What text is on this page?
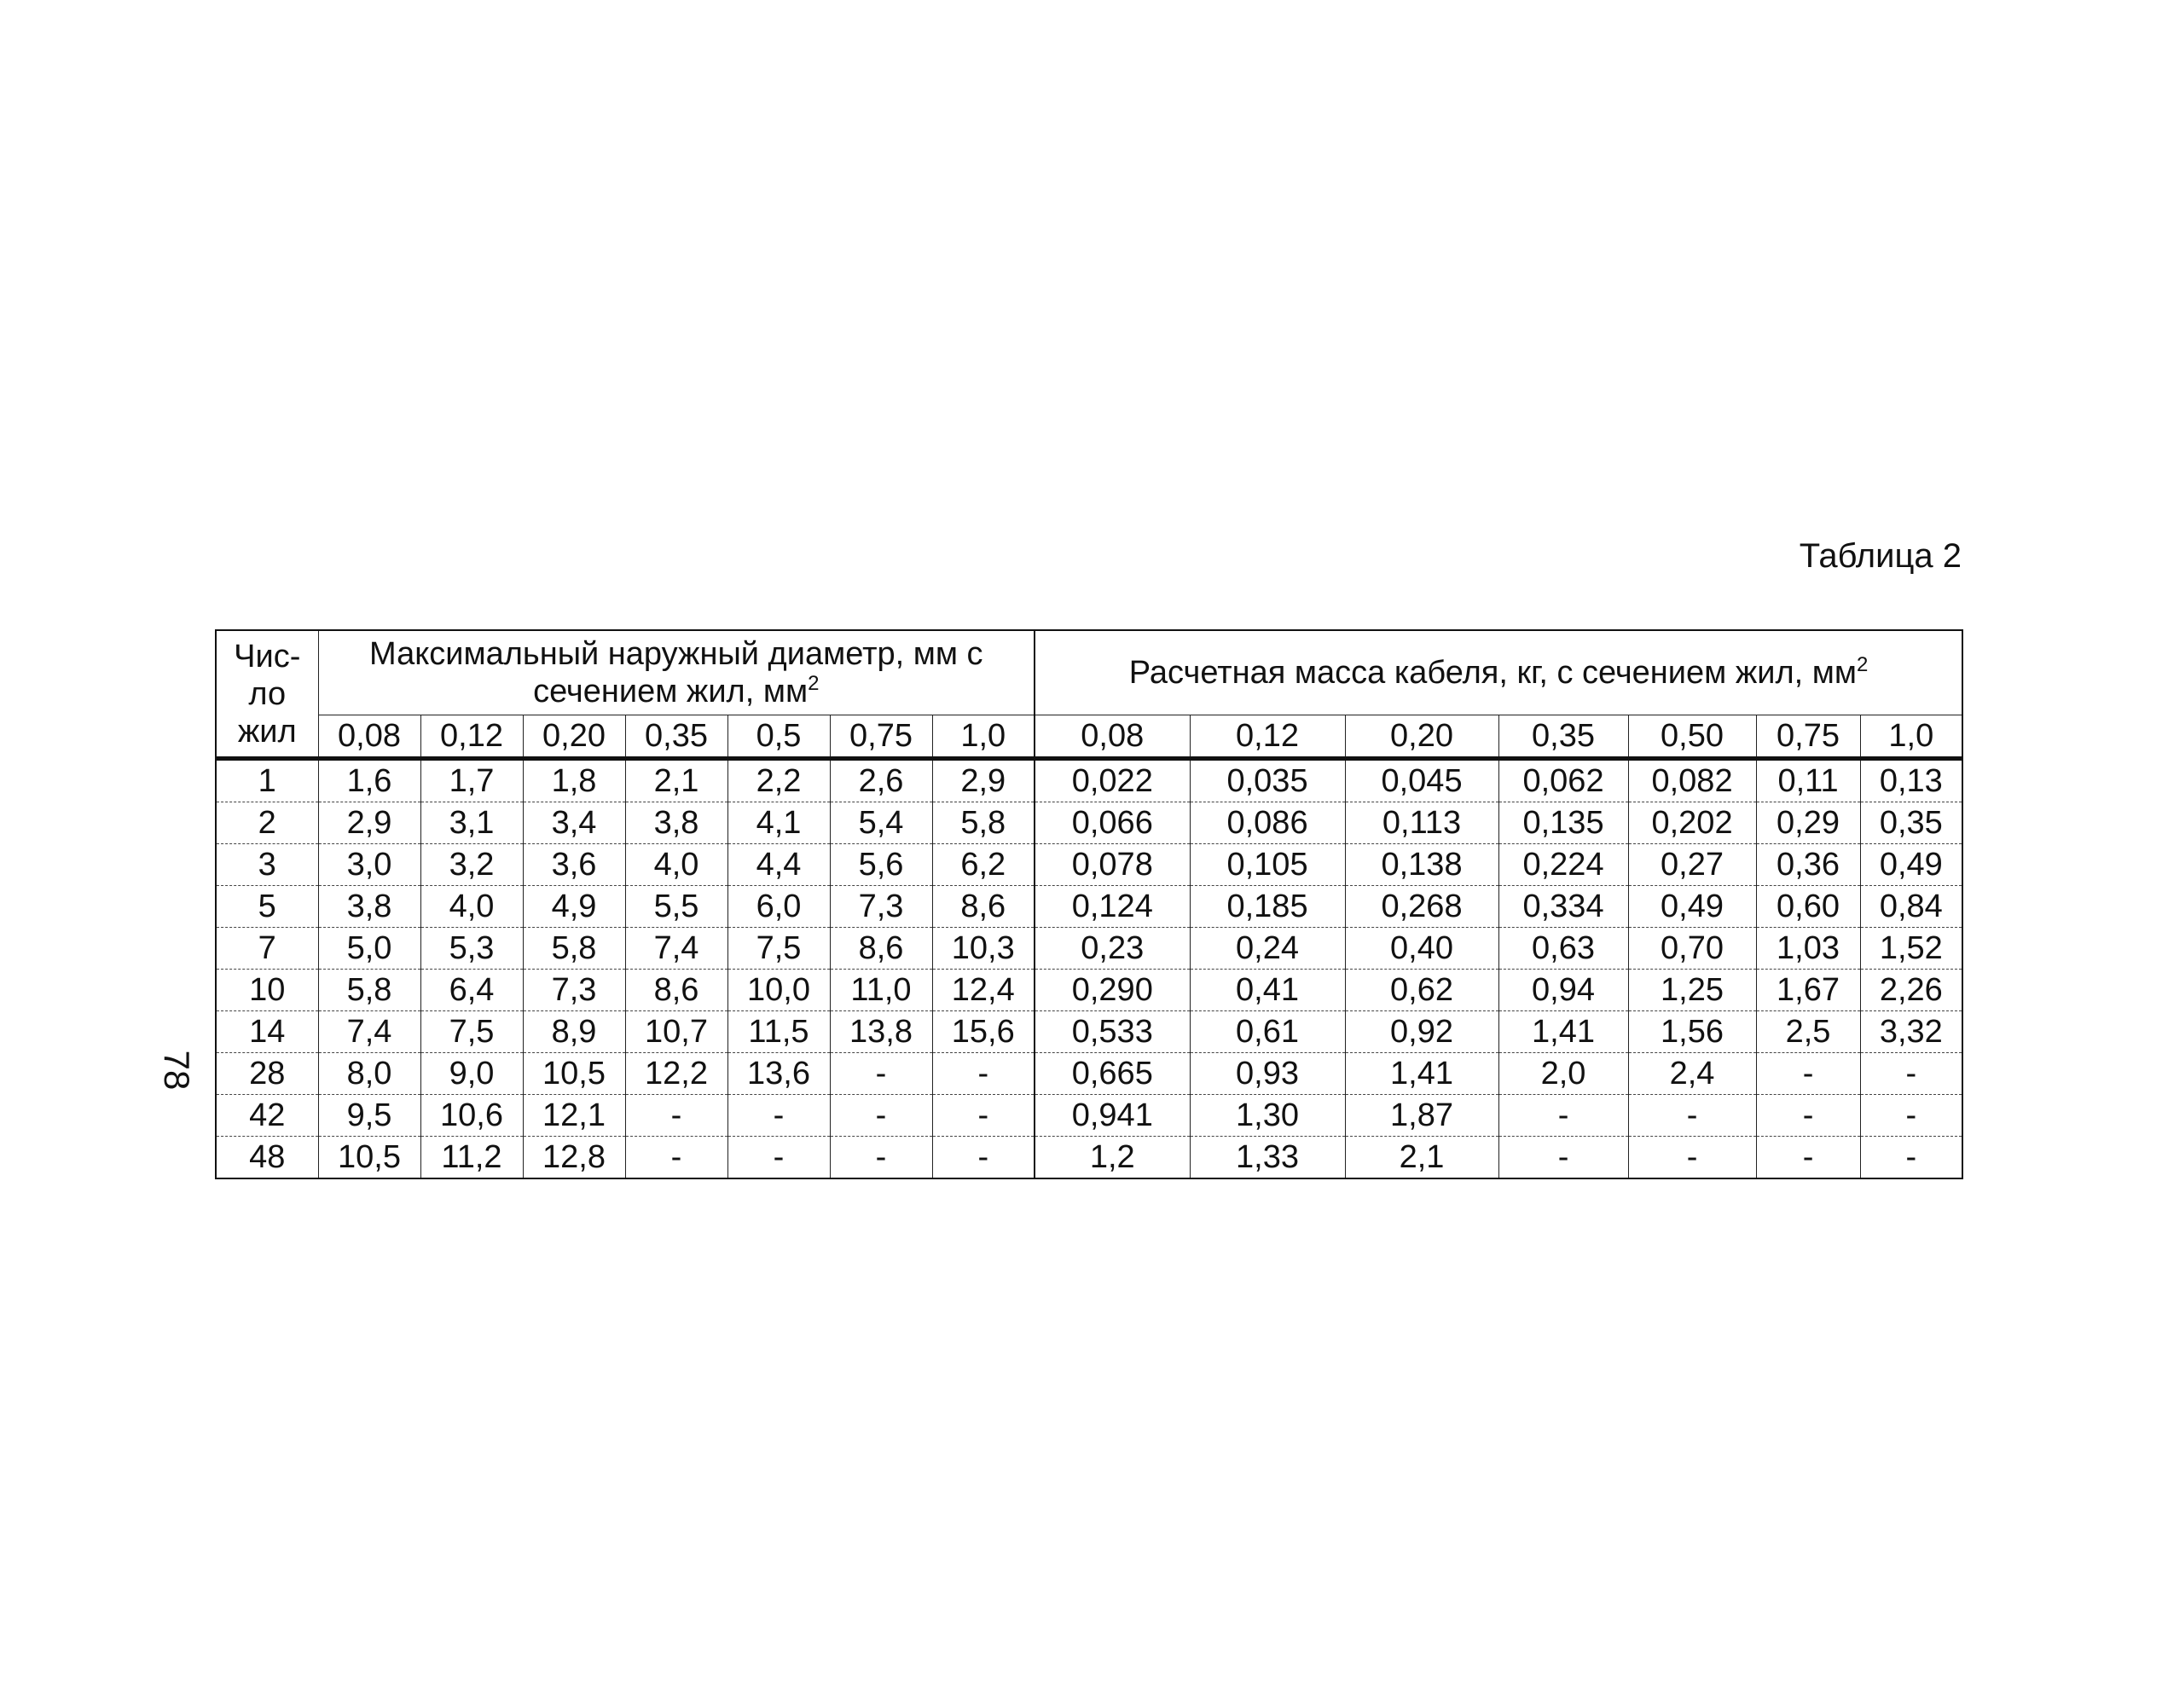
Таблица 2
78
Чис-
ло
жил	Максимальный наружный диаметр, мм с сечением жил, $мм^2$							Расчетная масса кабеля, кг, с сечением жил, $мм^2$
	0,08	0,12	0,20	0,35	0,5	0,75	1,0	0,08	0,12	0,20	0,35	0,50	0,75	1,0
1	1,6	1,7	1,8	2,1	2,2	2,6	2,9	0,022	0,035	0,045	0,062	0,082	0,11	0,13
2	2,9	3,1	3,4	3,8	4,1	5,4	5,8	0,066	0,086	0,113	0,135	0,202	0,29	0,35
3	3,0	3,2	3,6	4,0	4,4	5,6	6,2	0,078	0,105	0,138	0,224	0,27	0,36	0,49
5	3,8	4,0	4,9	5,5	6,0	7,3	8,6	0,124	0,185	0,268	0,334	0,49	0,60	0,84
7	5,0	5,3	5,8	7,4	7,5	8,6	10,3	0,23	0,24	0,40	0,63	0,70	1,03	1,52
10	5,8	6,4	7,3	8,6	10,0	11,0	12,4	0,290	0,41	0,62	0,94	1,25	1,67	2,26
14	7,4	7,5	8,9	10,7	11,5	13,8	15,6	0,533	0,61	0,92	1,41	1,56	2,5	3,32
28	8,0	9,0	10,5	12,2	13,6	-	-	0,665	0,93	1,41	2,0	2,4	-	-
42	9,5	10,6	12,1	-	-	-	-	0,941	1,30	1,87	-	-	-	-
48	10,5	11,2	12,8	-	-	-	-	1,2	1,33	2,1	-	-	-	-
